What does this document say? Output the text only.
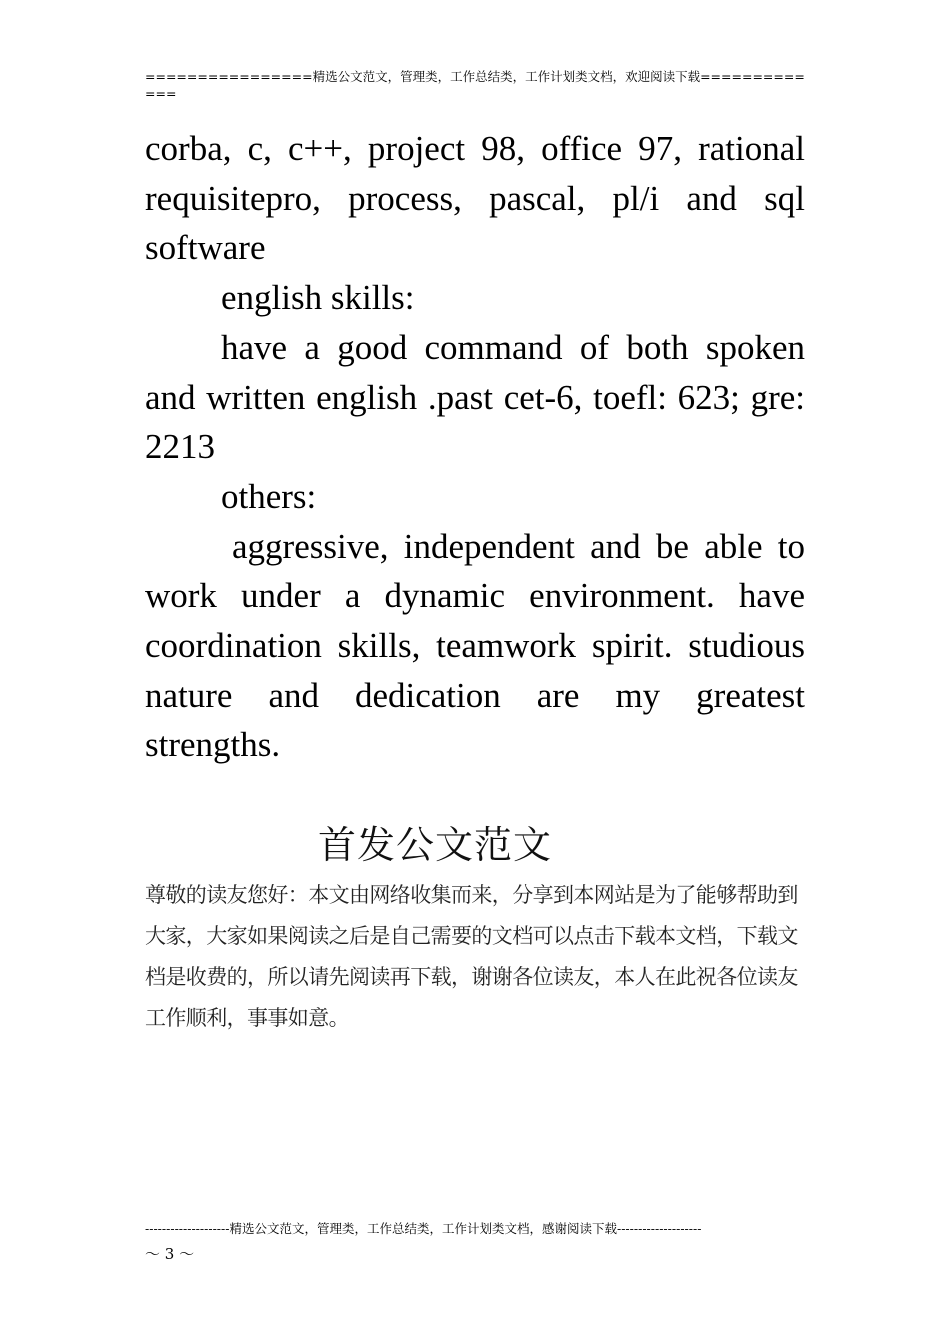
================精选公文范文，管理类，工作总结类，工作计划类文档，欢迎阅读下载=============

corba, c, c++, project 98, office 97, rational requisitepro, process, pascal, pl/i and sql software

english skills:

have a good command of both spoken and written english .past cet-6, toefl: 623; gre: 2213

others:

aggressive, independent and be able to work under a dynamic environment. have coordination skills, teamwork spirit. studious nature and dedication are my greatest strengths.

首发公文范文
尊敬的读友您好：本文由网络收集而来，分享到本网站是为了能够帮助到大家，大家如果阅读之后是自己需要的文档可以点击下载本文档，下载文档是收费的，所以请先阅读再下载，谢谢各位读友，本人在此祝各位读友工作顺利，事事如意。
--------------------精选公文范文，管理类，工作总结类，工作计划类文档，感谢阅读下载--------------------
～ 3 ～
